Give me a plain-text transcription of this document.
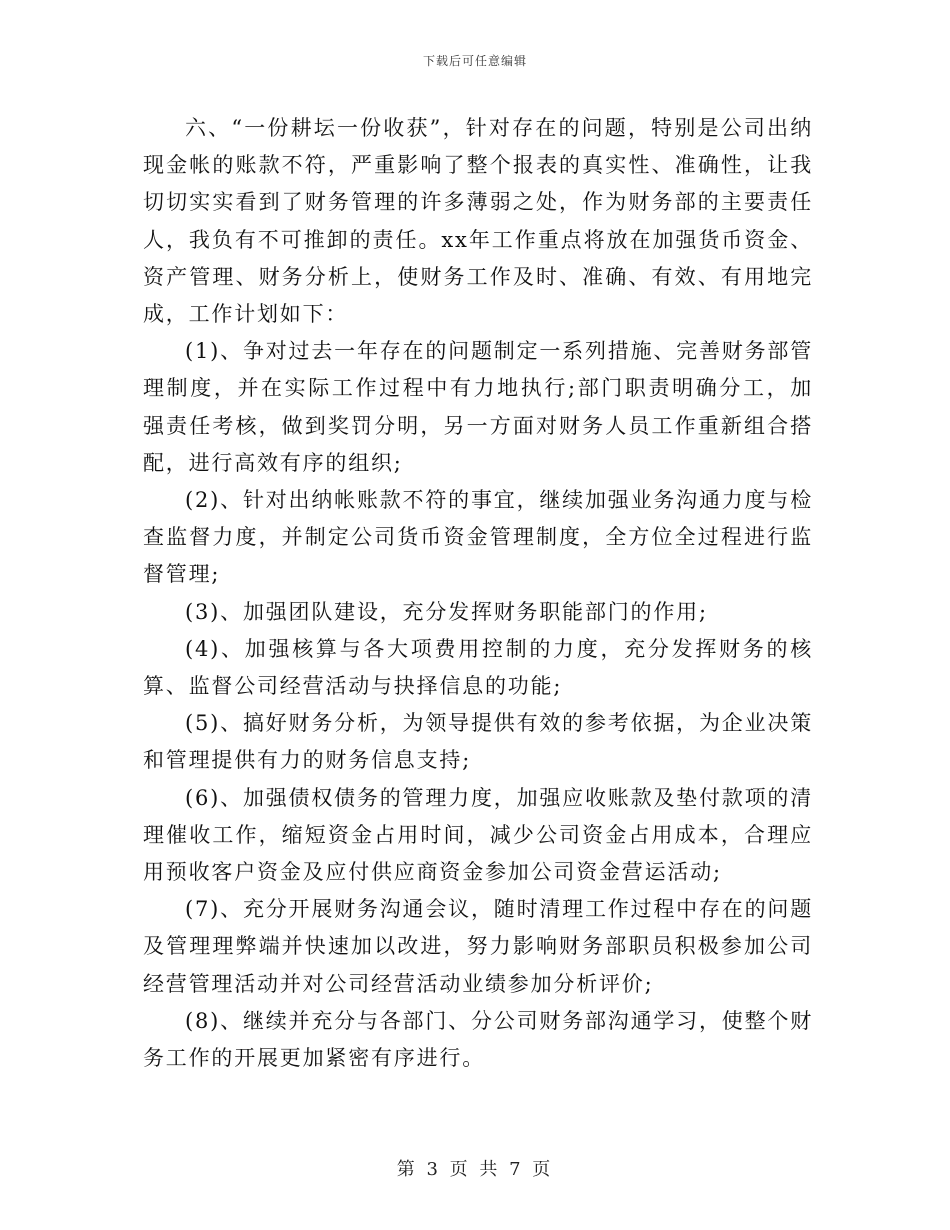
下载后可任意编辑

六、“一份耕坛一份收获”，针对存在的问题，特别是公司出纳现金帐的账款不符，严重影响了整个报表的真实性、准确性，让我切切实实看到了财务管理的许多薄弱之处，作为财务部的主要责任人，我负有不可推卸的责任。xx年工作重点将放在加强货币资金、资产管理、财务分析上，使财务工作及时、准确、有效、有用地完成，工作计划如下：

(1)、争对过去一年存在的问题制定一系列措施、完善财务部管理制度，并在实际工作过程中有力地执行;部门职责明确分工，加强责任考核，做到奖罚分明，另一方面对财务人员工作重新组合搭配，进行高效有序的组织;

(2)、针对出纳帐账款不符的事宜，继续加强业务沟通力度与检查监督力度，并制定公司货币资金管理制度，全方位全过程进行监督管理;

(3)、加强团队建设，充分发挥财务职能部门的作用;

(4)、加强核算与各大项费用控制的力度，充分发挥财务的核算、监督公司经营活动与抉择信息的功能;

(5)、搞好财务分析，为领导提供有效的参考依据，为企业决策和管理提供有力的财务信息支持;

(6)、加强债权债务的管理力度，加强应收账款及垫付款项的清理催收工作，缩短资金占用时间，减少公司资金占用成本，合理应用预收客户资金及应付供应商资金参加公司资金营运活动;

(7)、充分开展财务沟通会议，随时清理工作过程中存在的问题及管理理弊端并快速加以改进，努力影响财务部职员积极参加公司经营管理活动并对公司经营活动业绩参加分析评价;

(8)、继续并充分与各部门、分公司财务部沟通学习，使整个财务工作的开展更加紧密有序进行。

第 3 页 共 7 页
